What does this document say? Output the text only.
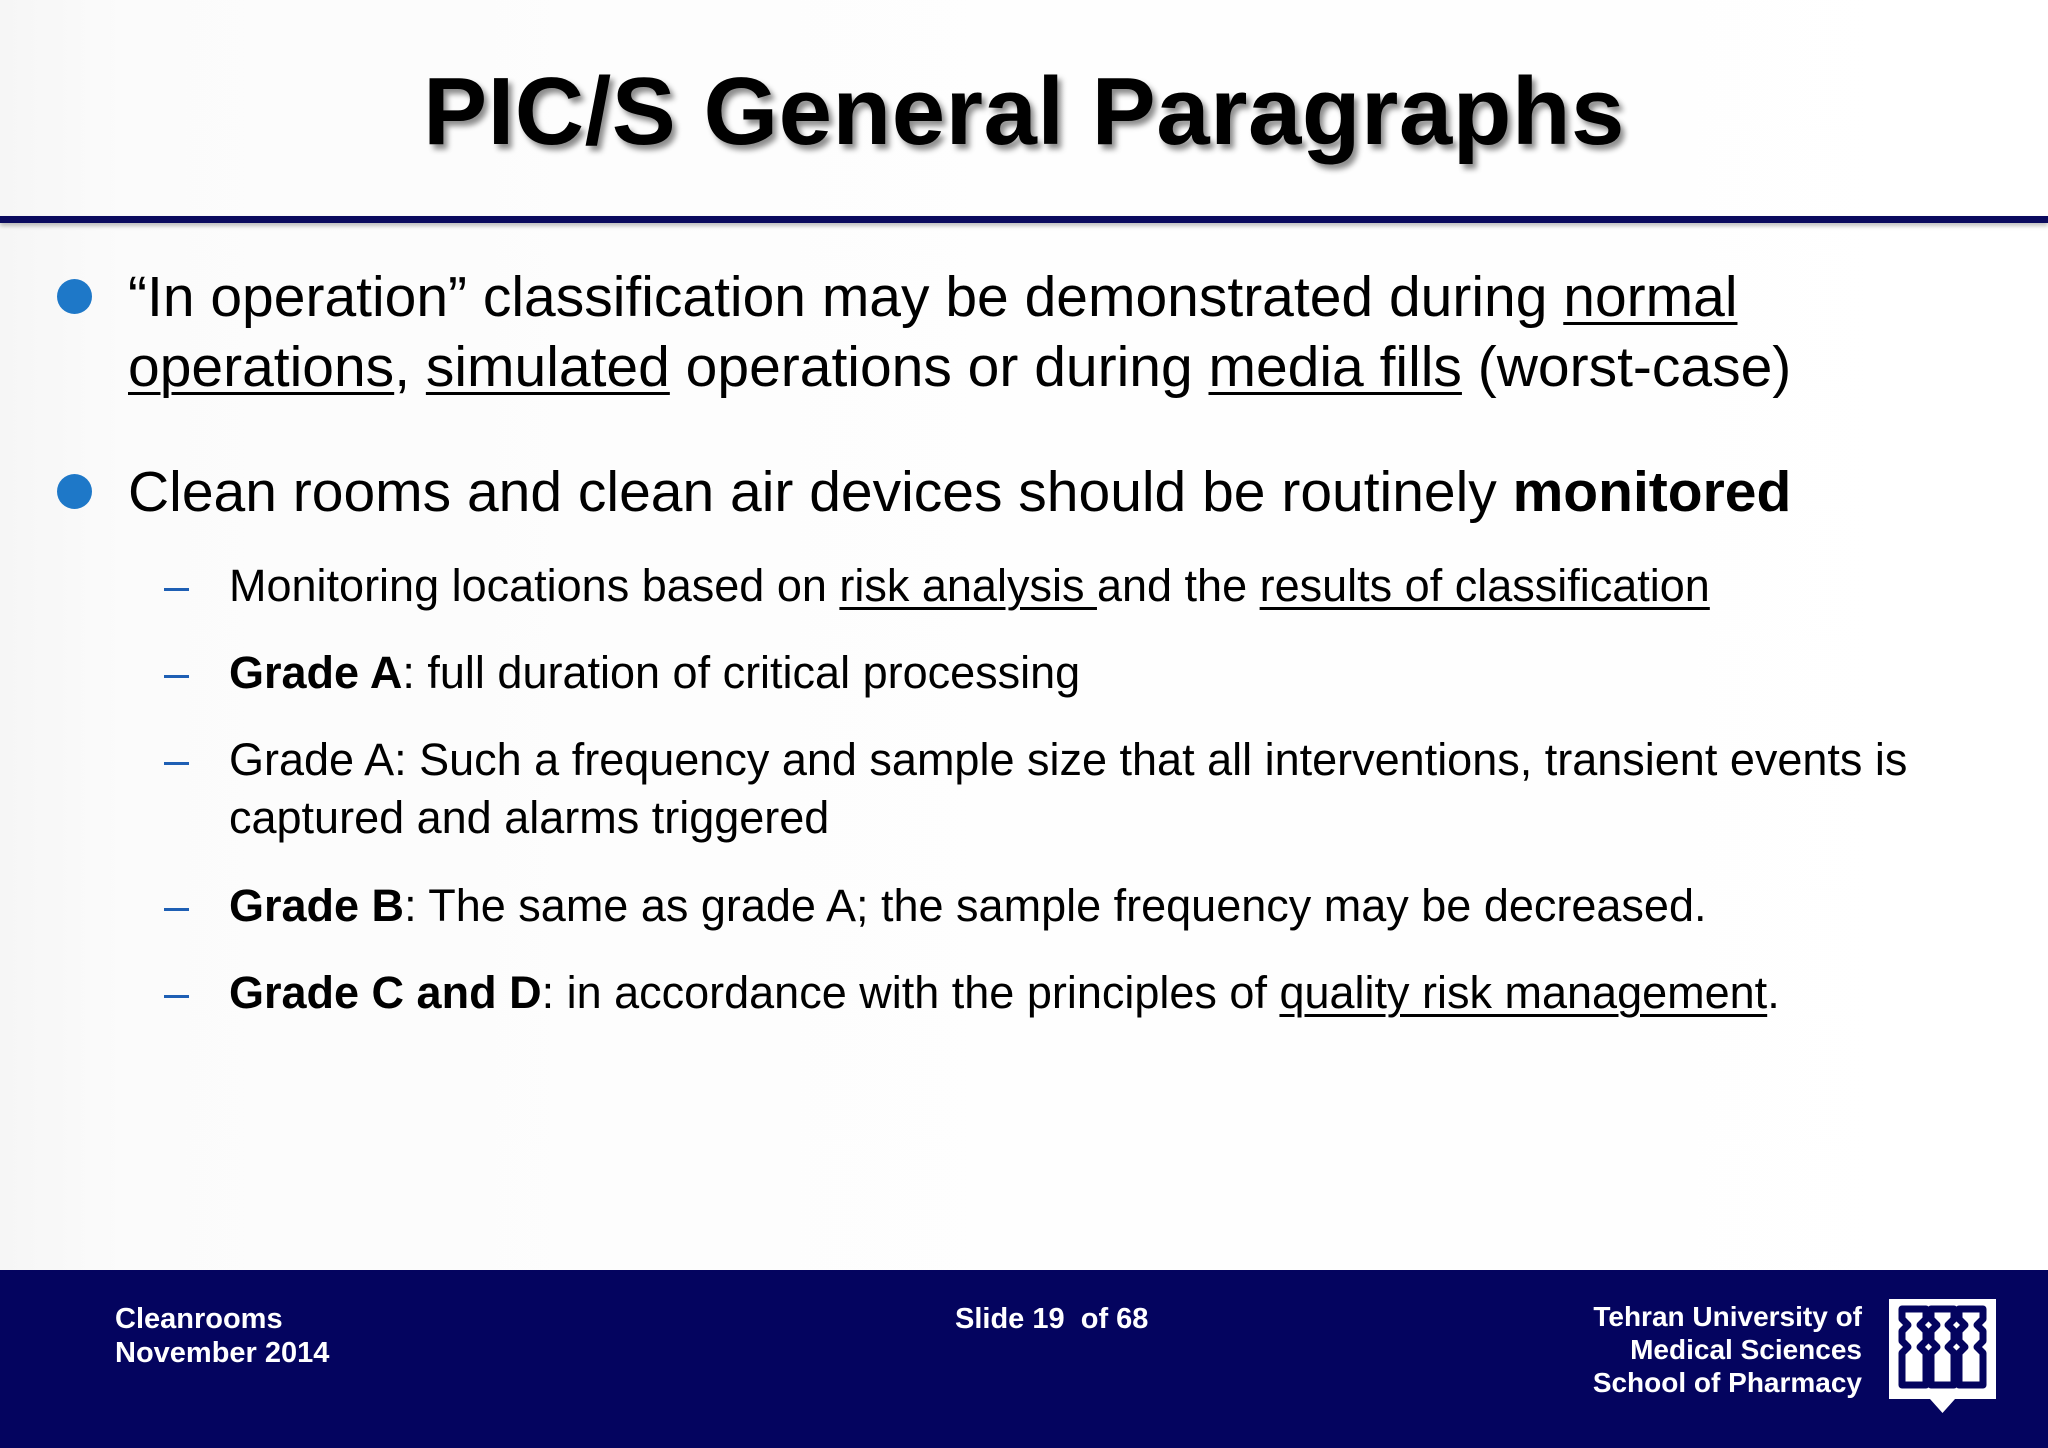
PIC/S General Paragraphs
“In operation” classification may be demonstrated during normal operations, simulated operations or during media fills (worst-case)
Clean rooms and clean air devices should be routinely monitored
– Monitoring locations based on risk analysis and the results of classification
– Grade A: full duration of critical processing
– Grade A: Such a frequency and sample size that all interventions, transient events is captured and alarms triggered
– Grade B: The same as grade A; the sample frequency may be decreased.
– Grade C and D: in accordance with the principles of quality risk management.
Cleanrooms
November 2014
Slide 19  of 68	Tehran University of
Medical Sciences
School of Pharmacy
